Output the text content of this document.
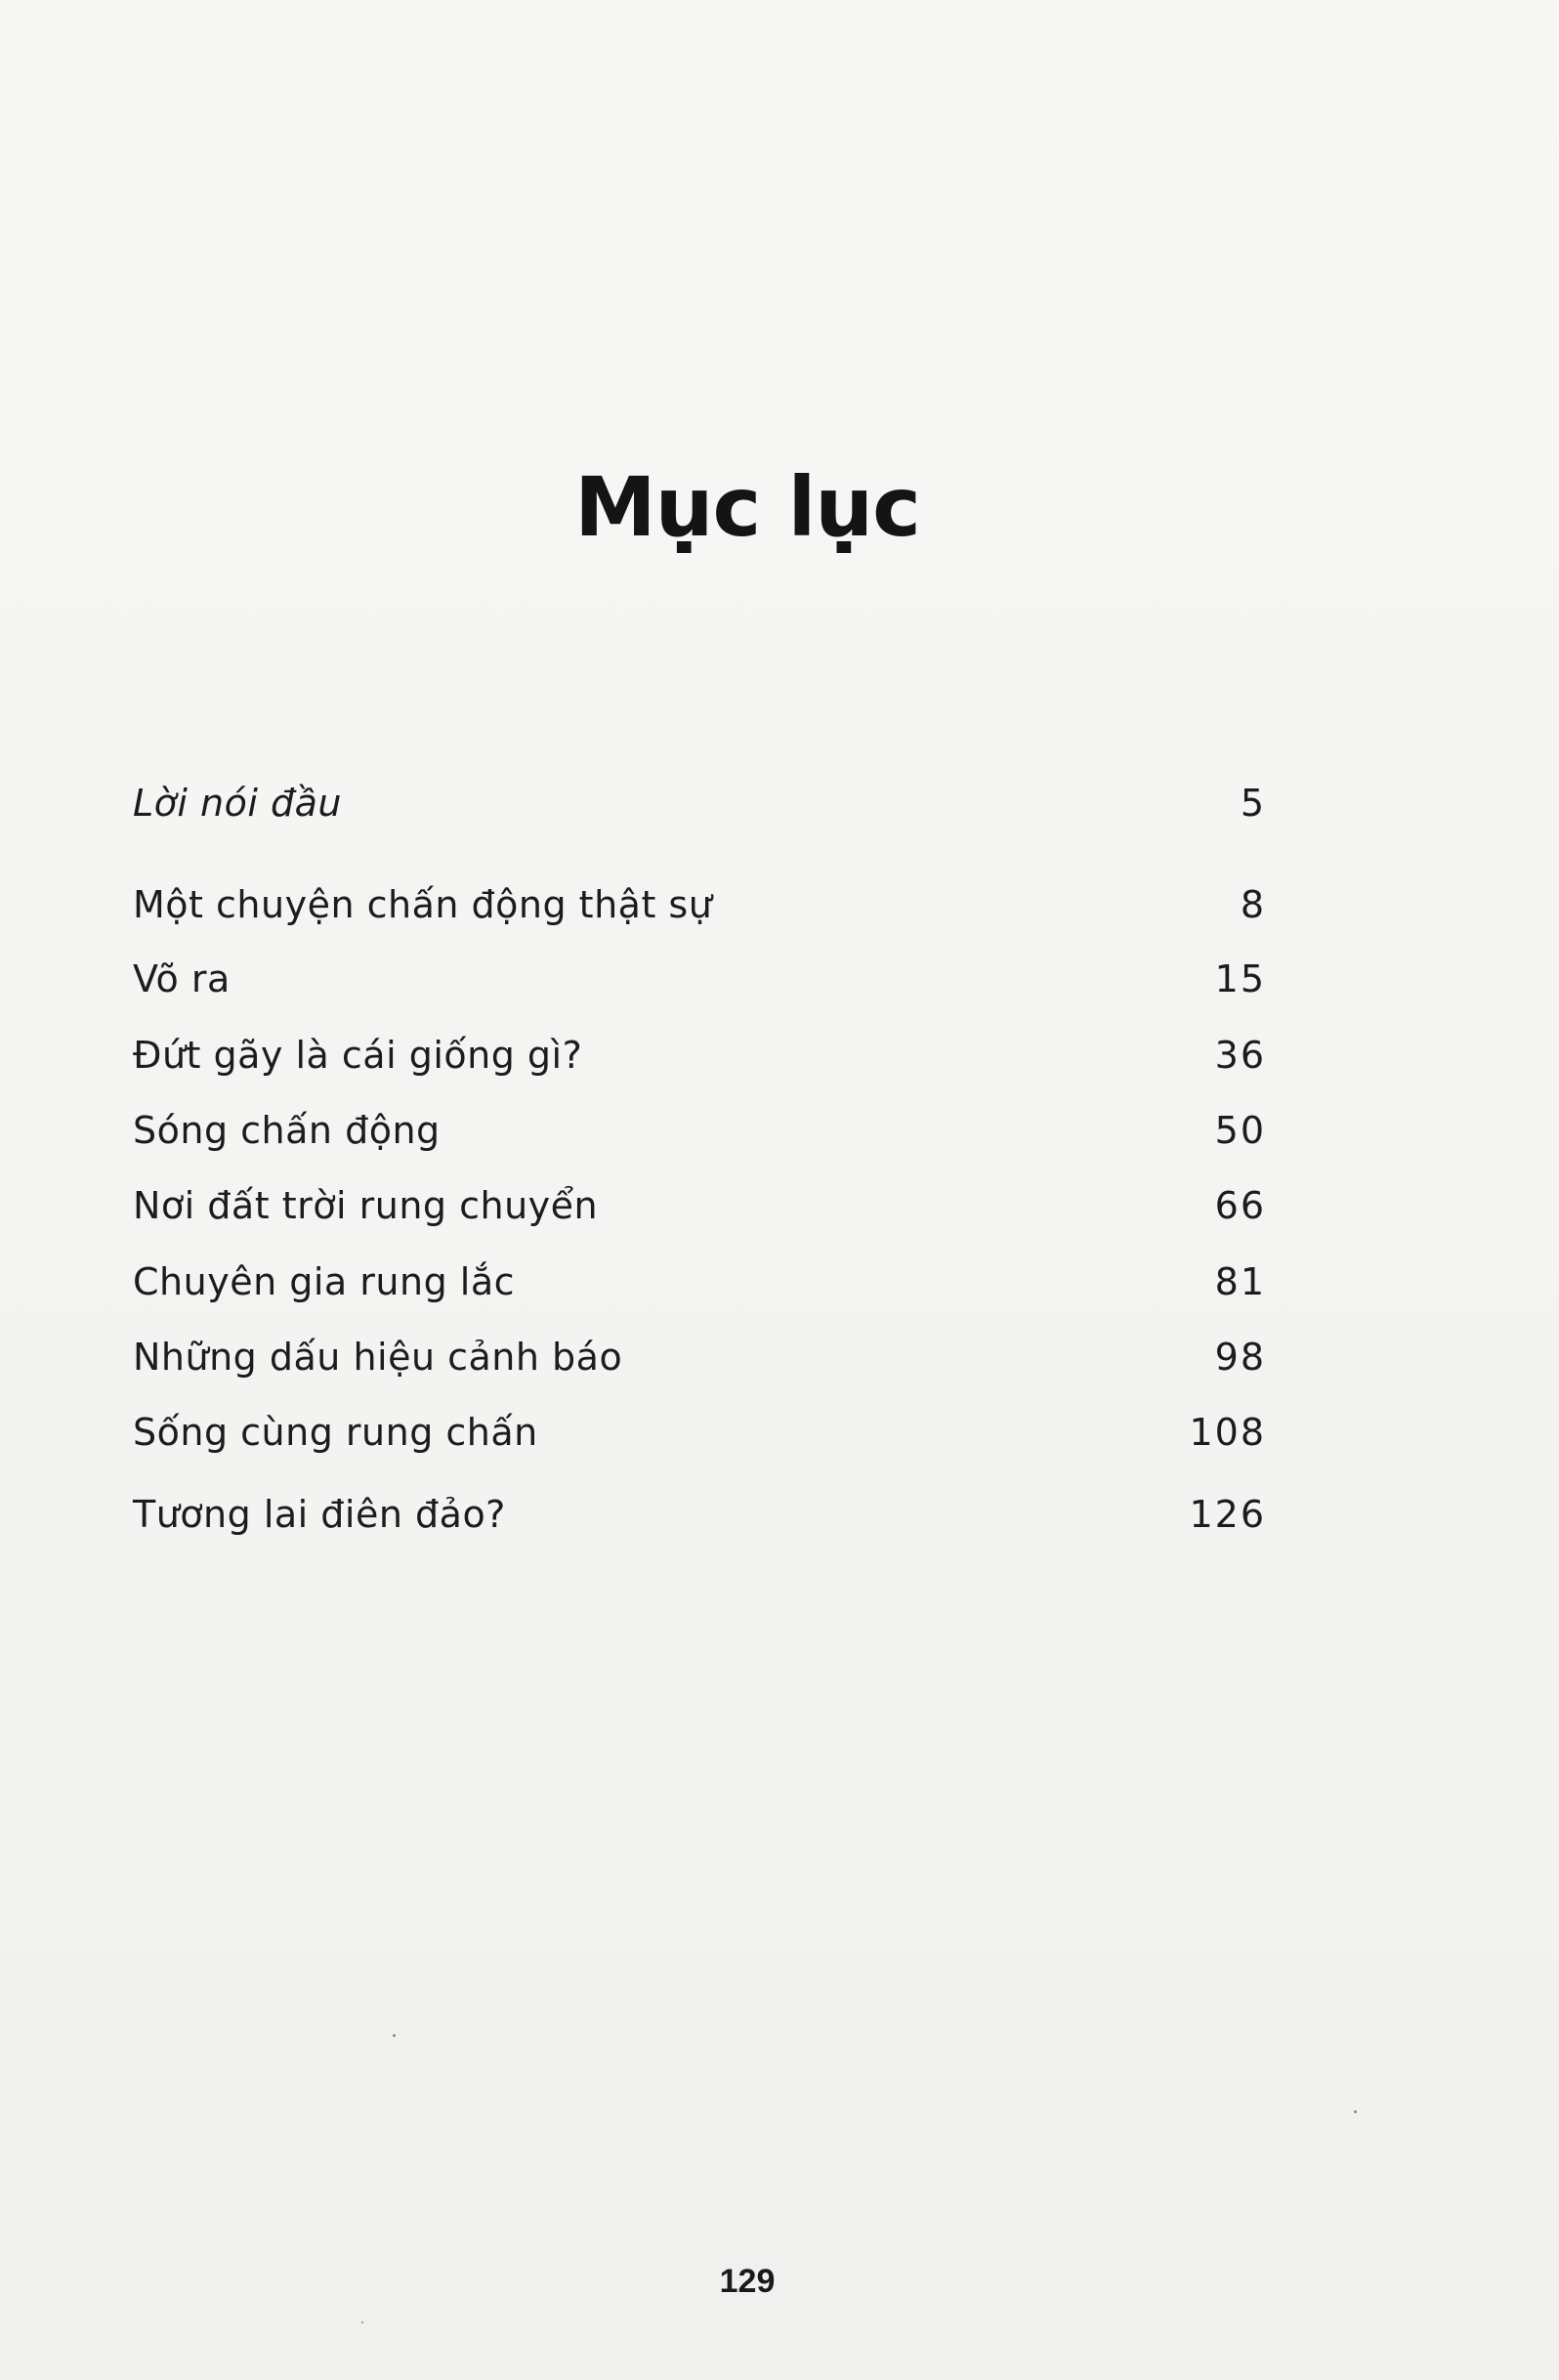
Mục lục
Lời nói đầu	5
Một chuyện chấn động thật sự	8
Võ ra	15
Đứt gãy là cái giống gì?	36
Sóng chấn động	50
Nơi đất trời rung chuyển	66
Chuyên gia rung lắc	81
Những dấu hiệu cảnh báo	98
Sống cùng rung chấn	108
Tương lai điên đảo?	126
129
